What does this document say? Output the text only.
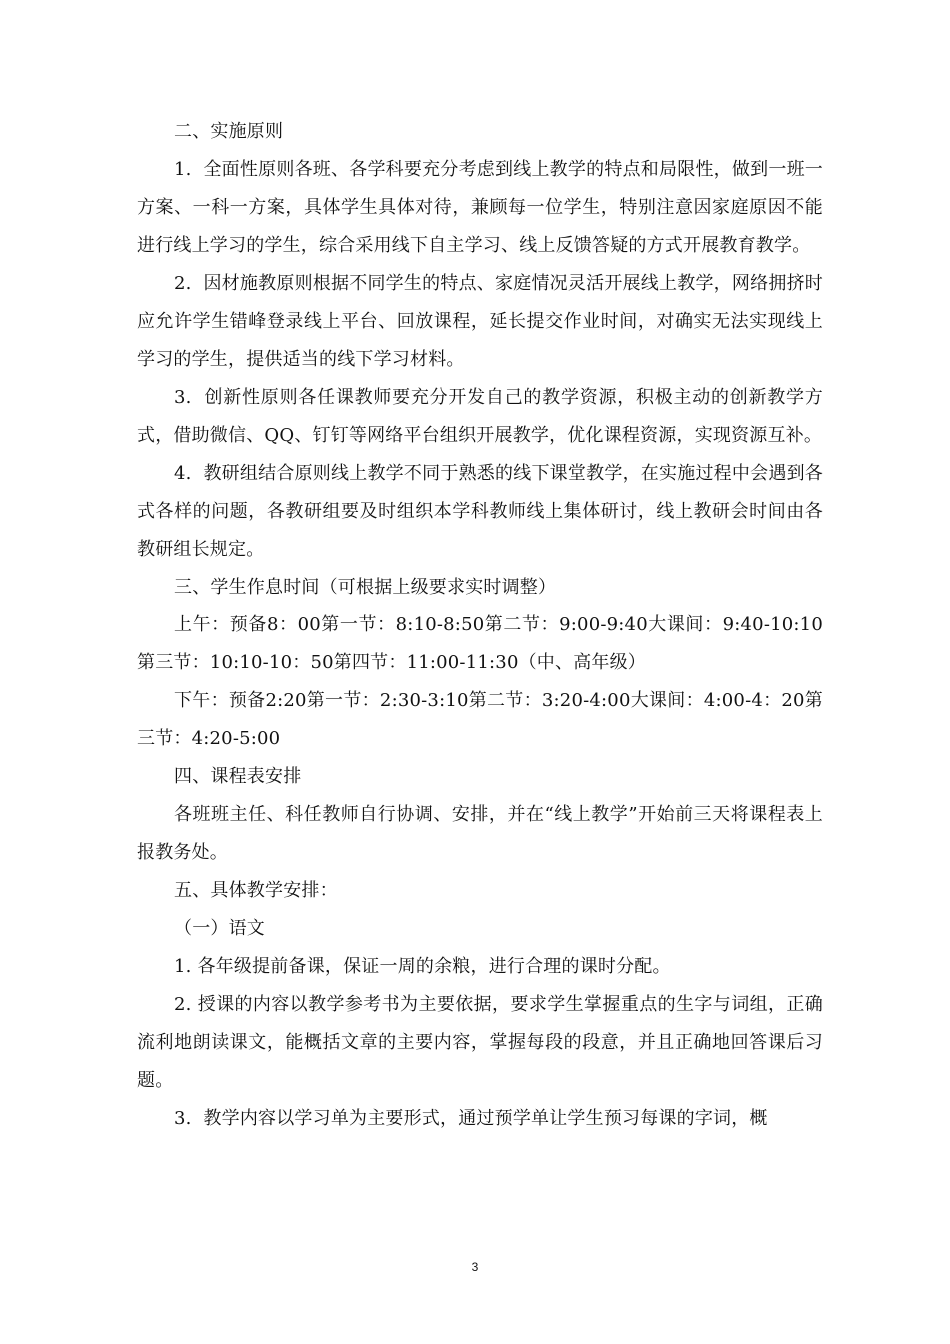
二、实施原则

1.  全面性原则各班、各学科要充分考虑到线上教学的特点和局限性，做到一班一方案、一科一方案，具体学生具体对待，兼顾每一位学生，特别注意因家庭原因不能进行线上学习的学生，综合采用线下自主学习、线上反馈答疑的方式开展教育教学。

2.  因材施教原则根据不同学生的特点、家庭情况灵活开展线上教学，网络拥挤时应允许学生错峰登录线上平台、回放课程，延长提交作业时间，对确实无法实现线上学习的学生，提供适当的线下学习材料。

3.  创新性原则各任课教师要充分开发自己的教学资源，积极主动的创新教学方式，借助微信、QQ、钉钉等网络平台组织开展教学，优化课程资源，实现资源互补。

4.  教研组结合原则线上教学不同于熟悉的线下课堂教学，在实施过程中会遇到各式各样的问题，各教研组要及时组织本学科教师线上集体研讨，线上教研会时间由各教研组长规定。

三、学生作息时间（可根据上级要求实时调整）

上午：预备8：00第一节：8:10-8:50第二节：9:00-9:40大课间：9:40-10:10第三节：10:10-10：50第四节：11:00-11:30（中、高年级）

下午：预备2:20第一节：2:30-3:10第二节：3:20-4:00大课间：4:00-4：20第三节：4:20-5:00

四、课程表安排

各班班主任、科任教师自行协调、安排，并在“线上教学”开始前三天将课程表上报教务处。

五、具体教学安排：

（一）语文

1. 各年级提前备课，保证一周的余粮，进行合理的课时分配。

2. 授课的内容以教学参考书为主要依据，要求学生掌握重点的生字与词组，正确流利地朗读课文，能概括文章的主要内容，掌握每段的段意，并且正确地回答课后习题。

3.  教学内容以学习单为主要形式，通过预学单让学生预习每课的字词，概

3
